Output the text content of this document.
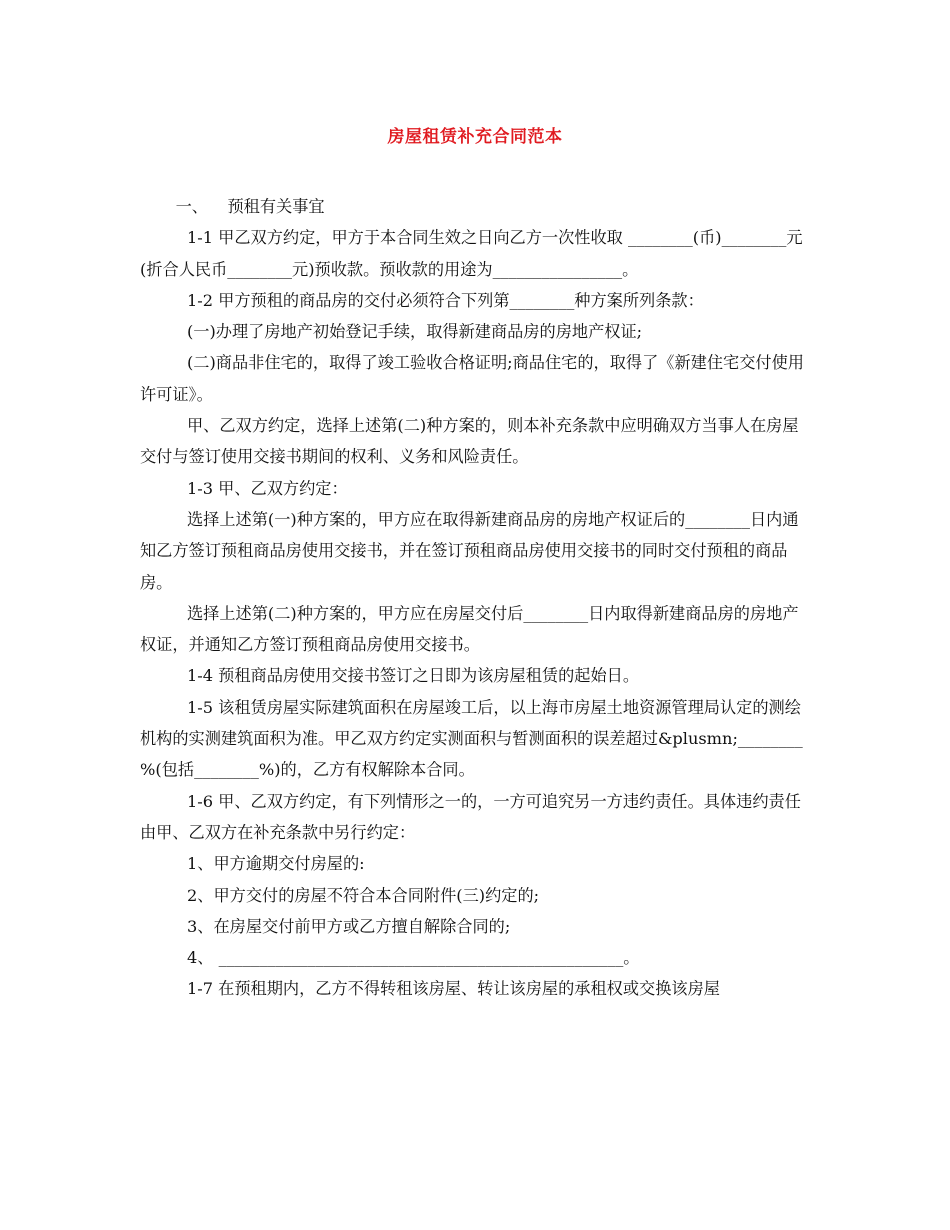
房屋租赁补充合同范本

一、 预租有关事宜

1-1 甲乙双方约定，甲方于本合同生效之日向乙方一次性收取 ________(币)________元(折合人民币________元)预收款。预收款的用途为________________。

1-2 甲方预租的商品房的交付必须符合下列第________种方案所列条款：

(一)办理了房地产初始登记手续，取得新建商品房的房地产权证;

(二)商品非住宅的，取得了竣工验收合格证明;商品住宅的，取得了《新建住宅交付使用许可证》。

甲、乙双方约定，选择上述第(二)种方案的，则本补充条款中应明确双方当事人在房屋交付与签订使用交接书期间的权利、义务和风险责任。

1-3 甲、乙双方约定：

选择上述第(一)种方案的，甲方应在取得新建商品房的房地产权证后的________日内通知乙方签订预租商品房使用交接书，并在签订预租商品房使用交接书的同时交付预租的商品房。

选择上述第(二)种方案的，甲方应在房屋交付后________日内取得新建商品房的房地产权证，并通知乙方签订预租商品房使用交接书。

1-4 预租商品房使用交接书签订之日即为该房屋租赁的起始日。

1-5 该租赁房屋实际建筑面积在房屋竣工后，以上海市房屋土地资源管理局认定的测绘机构的实测建筑面积为准。甲乙双方约定实测面积与暂测面积的误差超过&plusmn;________ %(包括________%)的，乙方有权解除本合同。

1-6 甲、乙双方约定，有下列情形之一的，一方可追究另一方违约责任。具体违约责任由甲、乙双方在补充条款中另行约定：

1、甲方逾期交付房屋的:

2、甲方交付的房屋不符合本合同附件(三)约定的;

3、在房屋交付前甲方或乙方擅自解除合同的;

4、 __________________________________________________。

1-7 在预租期内，乙方不得转租该房屋、转让该房屋的承租权或交换该房屋
